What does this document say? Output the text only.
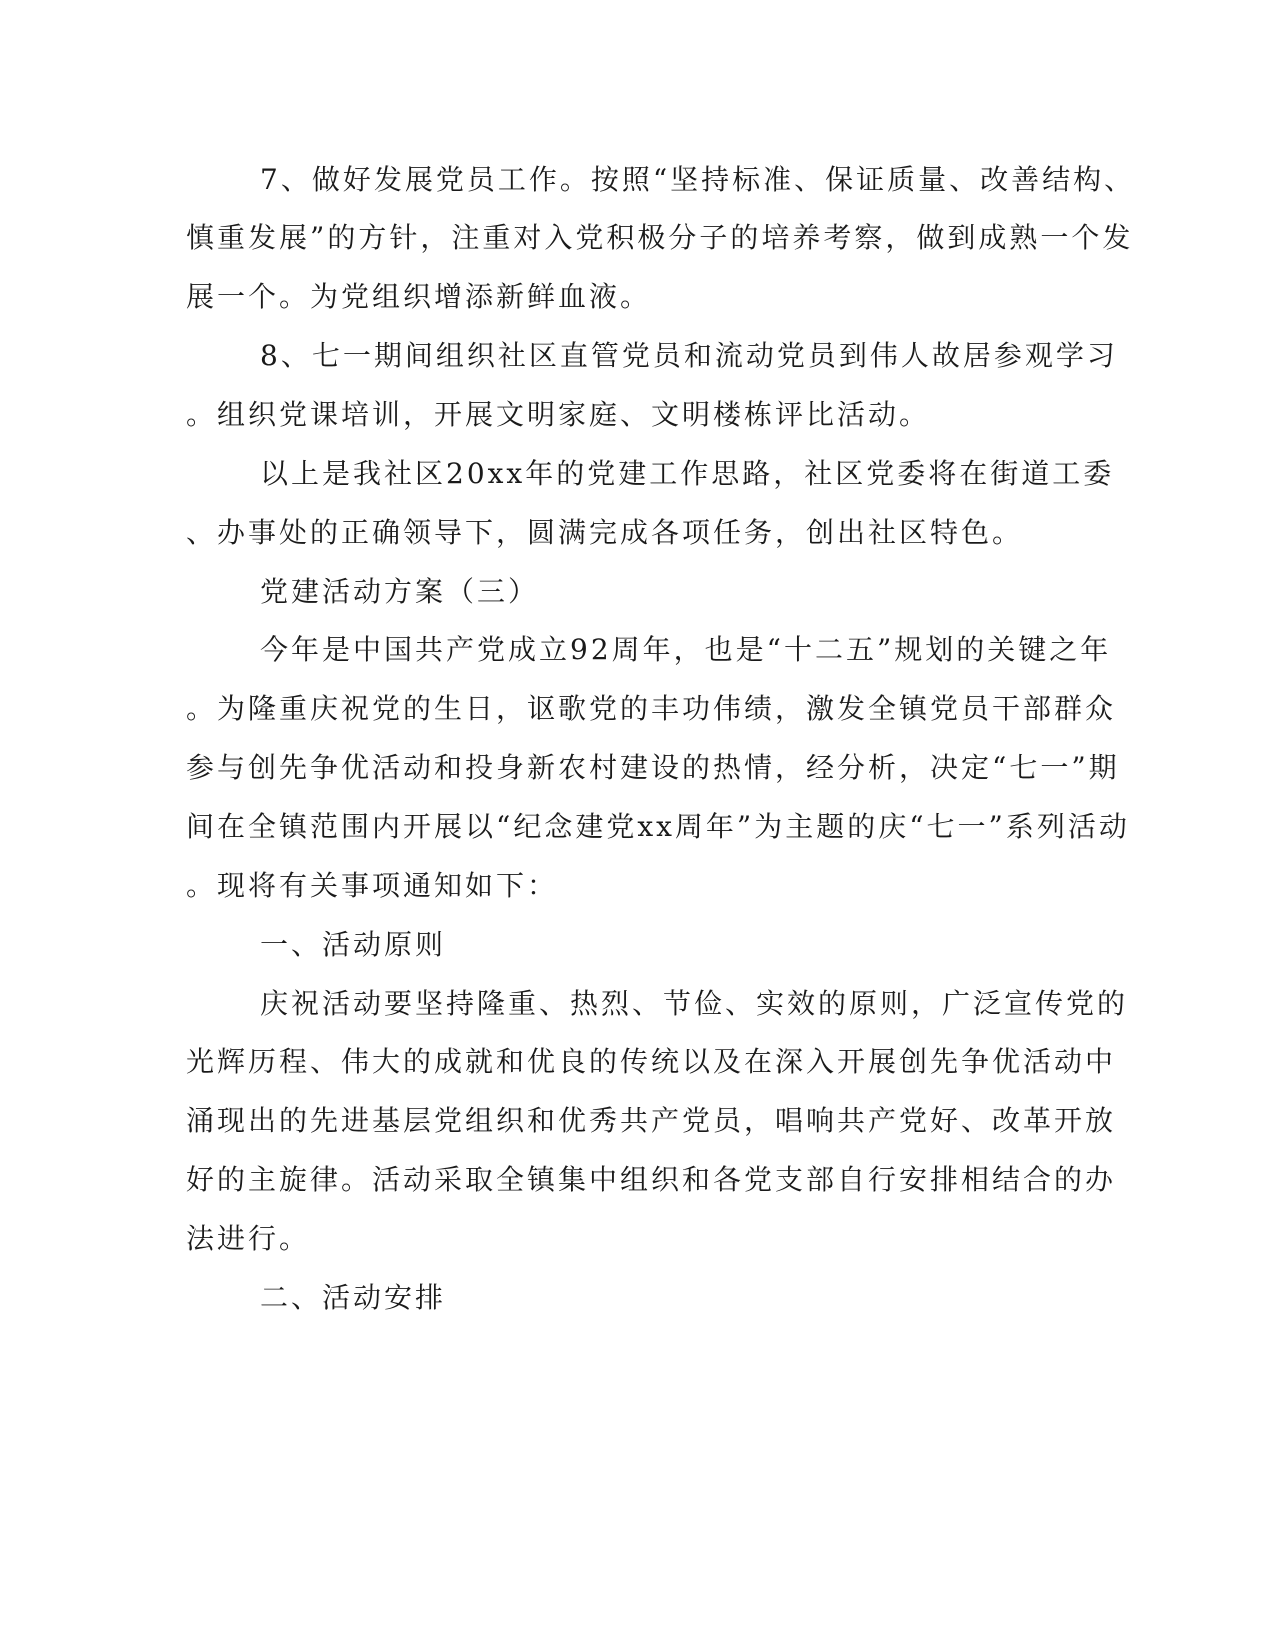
7、做好发展党员工作。按照“坚持标准、保证质量、改善结构、

慎重发展”的方针，注重对入党积极分子的培养考察，做到成熟一个发

展一个。为党组织增添新鲜血液。

8、七一期间组织社区直管党员和流动党员到伟人故居参观学习

。组织党课培训，开展文明家庭、文明楼栋评比活动。

以上是我社区20xx年的党建工作思路，社区党委将在街道工委

、办事处的正确领导下，圆满完成各项任务，创出社区特色。

党建活动方案（三）

今年是中国共产党成立92周年，也是“十二五”规划的关键之年

。为隆重庆祝党的生日，讴歌党的丰功伟绩，激发全镇党员干部群众

参与创先争优活动和投身新农村建设的热情，经分析，决定“七一”期

间在全镇范围内开展以“纪念建党xx周年”为主题的庆“七一”系列活动

。现将有关事项通知如下：

一、活动原则

庆祝活动要坚持隆重、热烈、节俭、实效的原则，广泛宣传党的

光辉历程、伟大的成就和优良的传统以及在深入开展创先争优活动中

涌现出的先进基层党组织和优秀共产党员，唱响共产党好、改革开放

好的主旋律。活动采取全镇集中组织和各党支部自行安排相结合的办

法进行。

二、活动安排
